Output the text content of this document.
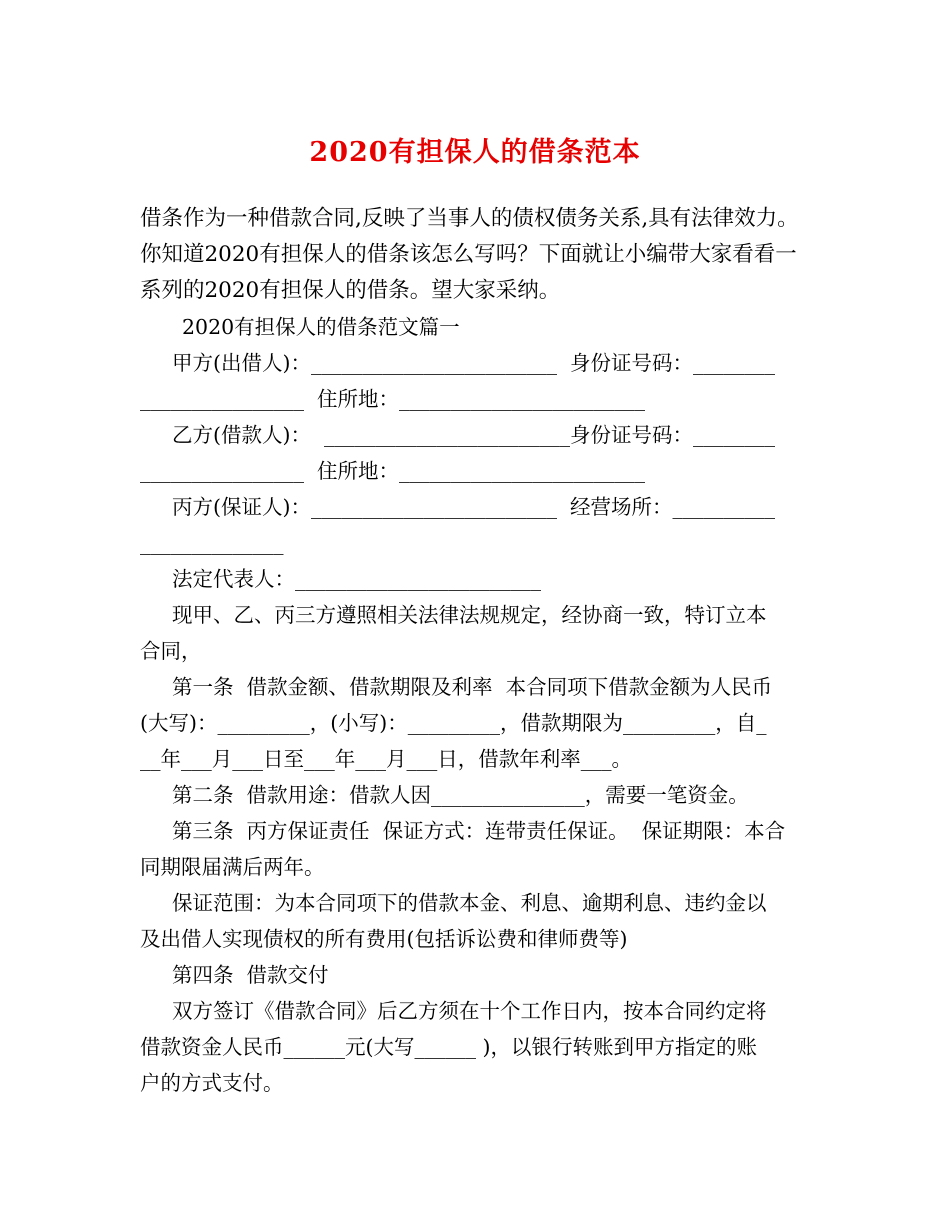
2020有担保人的借条范本
借条作为一种借款合同,反映了当事人的债权债务关系,具有法律效力。
你知道2020有担保人的借条该怎么写吗？下面就让小编带大家看看一
系列的2020有担保人的借条。望大家采纳。
2020有担保人的借条范文篇一
甲方(出借人)：________________________  身份证号码：________
________________  住所地：________________________
乙方(借款人)：  ________________________身份证号码：________
________________  住所地：________________________
丙方(保证人)：________________________  经营场所：__________
______________
法定代表人：________________________
现甲、乙、丙三方遵照相关法律法规规定，经协商一致，特订立本
合同，
第一条  借款金额、借款期限及利率  本合同项下借款金额为人民币
(大写)：_________，(小写)：_________，借款期限为_________，自_
__年___月___日至___年___月___日，借款年利率___。
第二条  借款用途：借款人因_______________，需要一笔资金。
第三条  丙方保证责任  保证方式：连带责任保证。  保证期限：本合
同期限届满后两年。
保证范围：为本合同项下的借款本金、利息、逾期利息、违约金以
及出借人实现债权的所有费用(包括诉讼费和律师费等)
第四条  借款交付
双方签订《借款合同》后乙方须在十个工作日内，按本合同约定将
借款资金人民币______元(大写______ )，以银行转账到甲方指定的账
户的方式支付。
